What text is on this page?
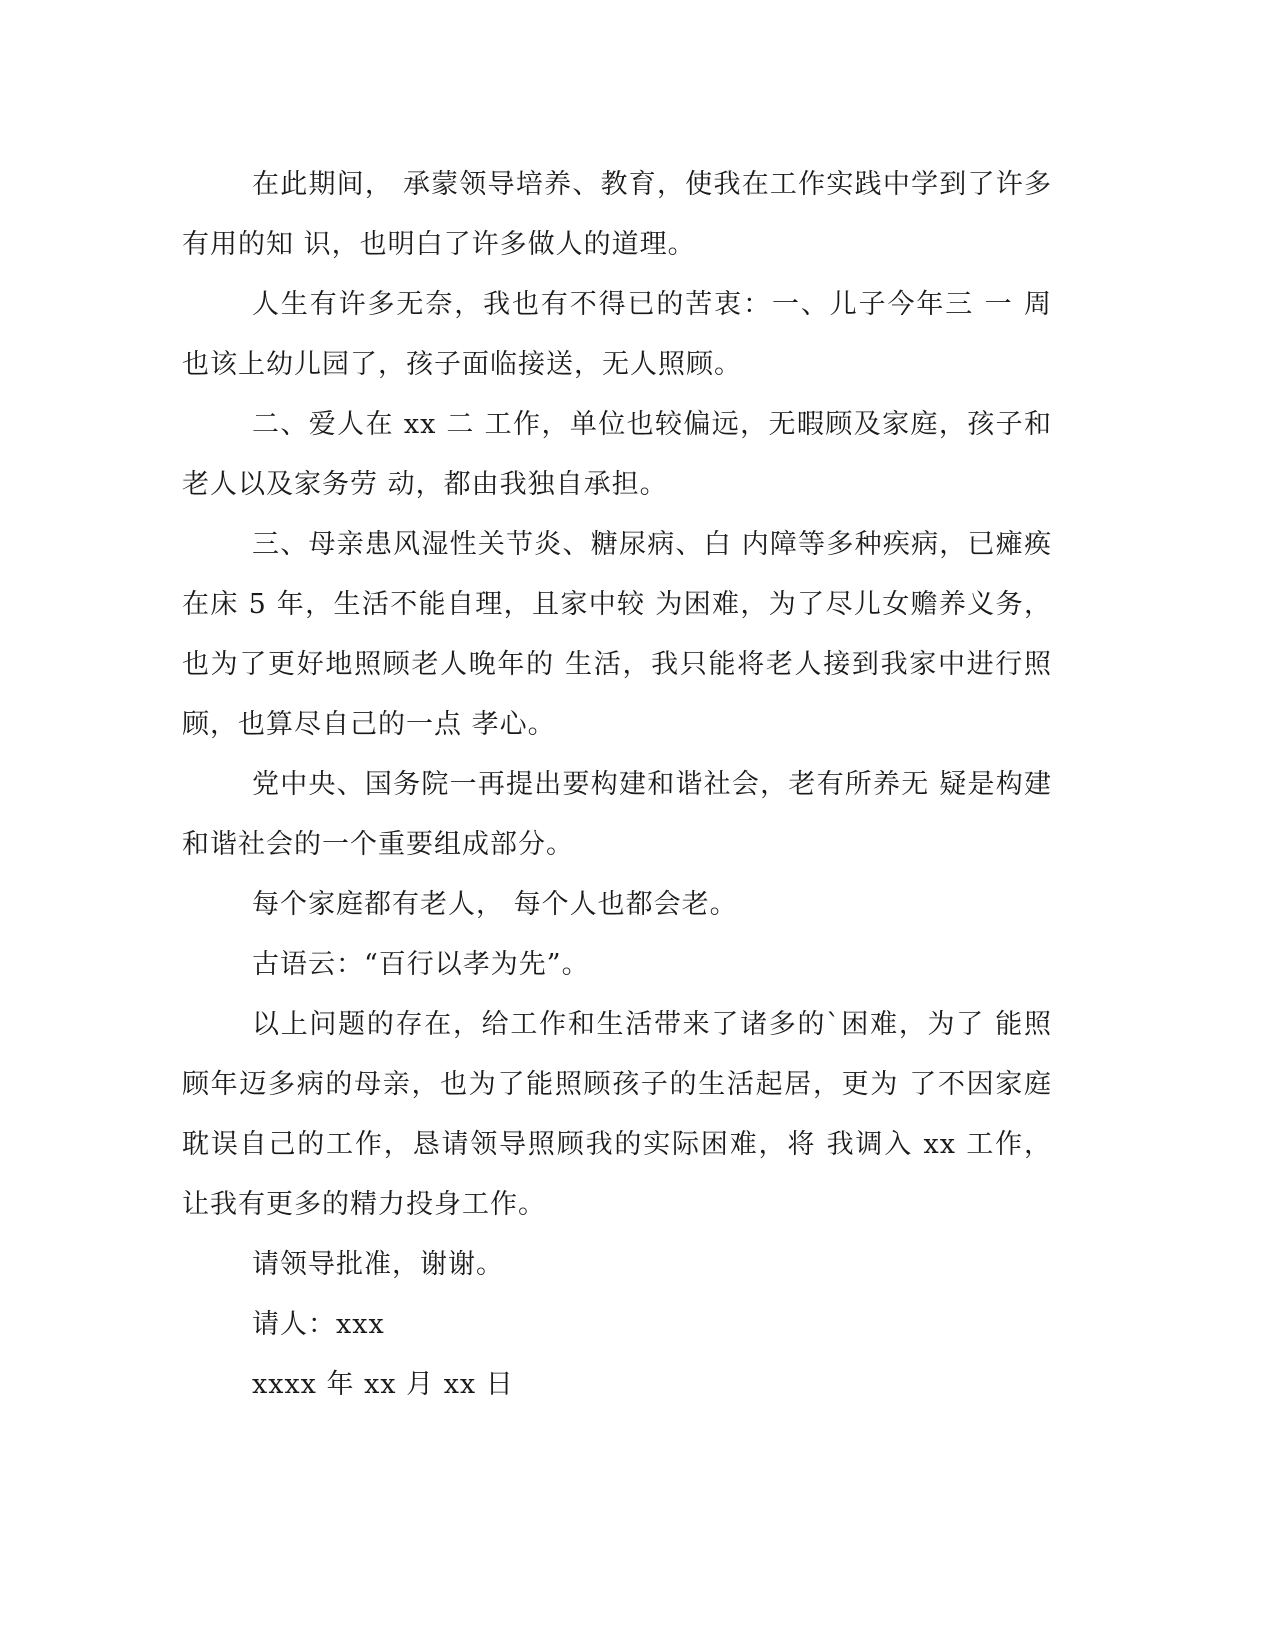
在此期间， 承蒙领导培养、教育，使我在工作实践中学到了许多有用的知 识，也明白了许多做人的道理。

人生有许多无奈，我也有不得已的苦衷：一、儿子今年三 一 周也该上幼儿园了，孩子面临接送，无人照顾。

二、爱人在 xx 二 工作，单位也较偏远，无暇顾及家庭，孩子和老人以及家务劳 动，都由我独自承担。

三、母亲患风湿性关节炎、糖尿病、白 内障等多种疾病，已瘫痪在床 5 年，生活不能自理，且家中较 为困难，为了尽儿女赡养义务，也为了更好地照顾老人晚年的 生活，我只能将老人接到我家中进行照顾，也算尽自己的一点 孝心。

党中央、国务院一再提出要构建和谐社会，老有所养无 疑是构建和谐社会的一个重要组成部分。

每个家庭都有老人， 每个人也都会老。

古语云：“百行以孝为先”。

以上问题的存在，给工作和生活带来了诸多的`困难，为了 能照顾年迈多病的母亲，也为了能照顾孩子的生活起居，更为 了不因家庭耽误自己的工作，恳请领导照顾我的实际困难，将 我调入 xx 工作，让我有更多的精力投身工作。

请领导批准，谢谢。

请人：xxx

xxxx 年 xx 月 xx 日
